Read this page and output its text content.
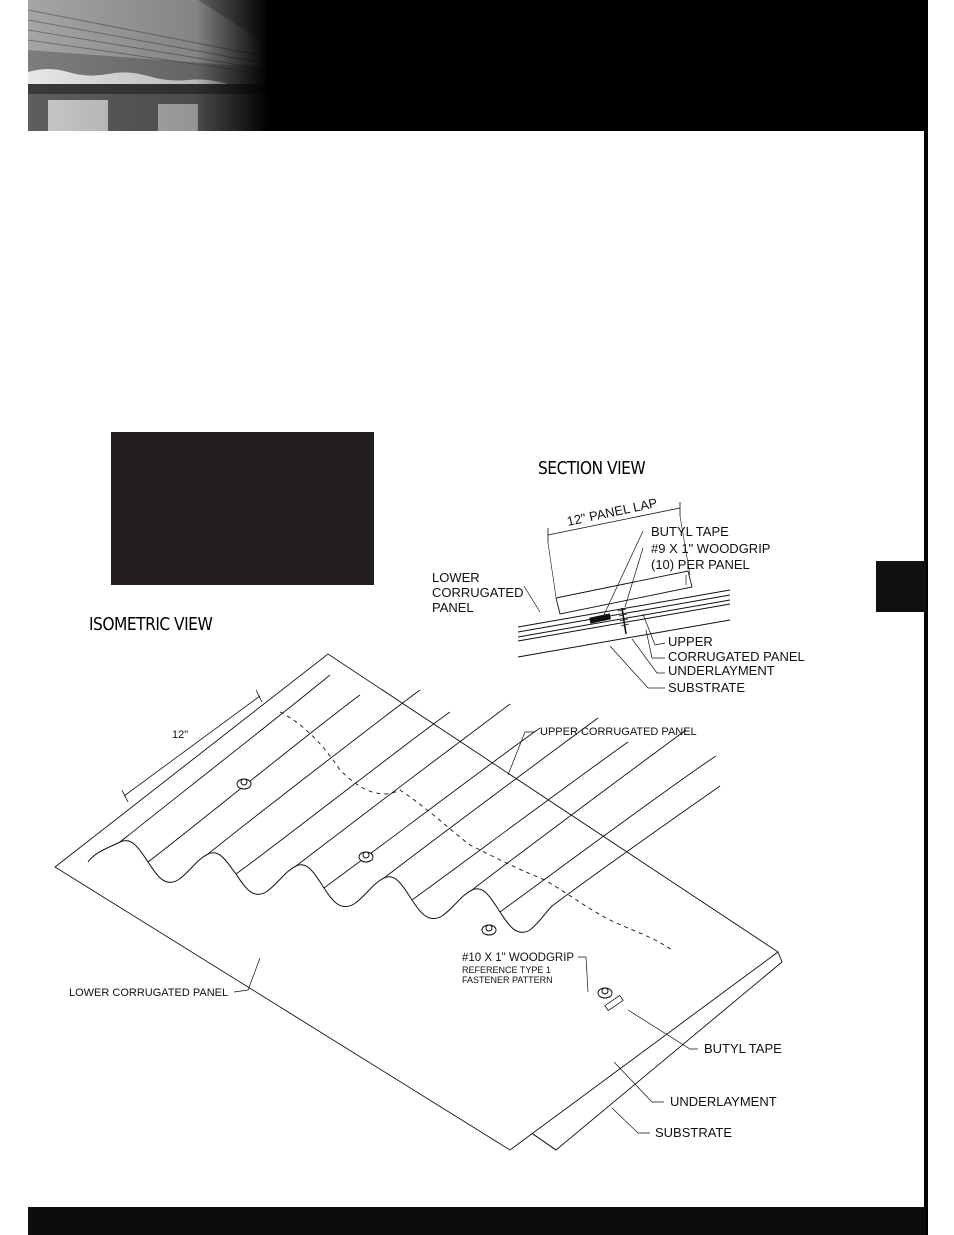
SECTION VIEW
ISOMETRIC VIEW
12" PANEL LAP
BUTYL TAPE
#9 X 1" WOODGRIP
(10) PER PANEL
LOWER
CORRUGATED
PANEL
UPPER
CORRUGATED PANEL
UNDERLAYMENT
SUBSTRATE
12"	UPPER CORRUGATED PANEL
#10 X 1" WOODGRIP
REFERENCE TYPE 1
FASTENER PATTERN
LOWER CORRUGATED PANEL
BUTYL TAPE
UNDERLAYMENT
SUBSTRATE
